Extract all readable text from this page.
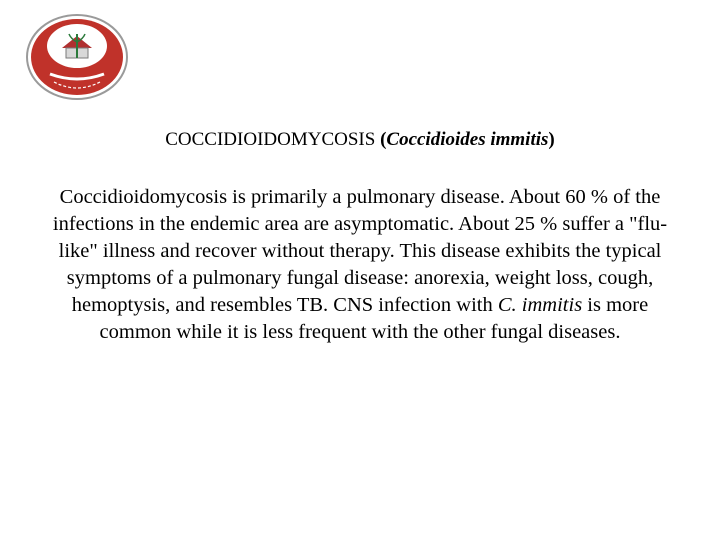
COCCIDIOIDOMYCOSIS (Coccidioides immitis)
Coccidioidomycosis is primarily a pulmonary disease. About 60 % of the infections in the endemic area are asymptomatic. About 25 % suffer a "flu-like" illness and recover without therapy. This disease exhibits the typical symptoms of a pulmonary fungal disease: anorexia, weight loss, cough, hemoptysis, and resembles TB. CNS infection with C. immitis is more common while it is less frequent with the other fungal diseases.
